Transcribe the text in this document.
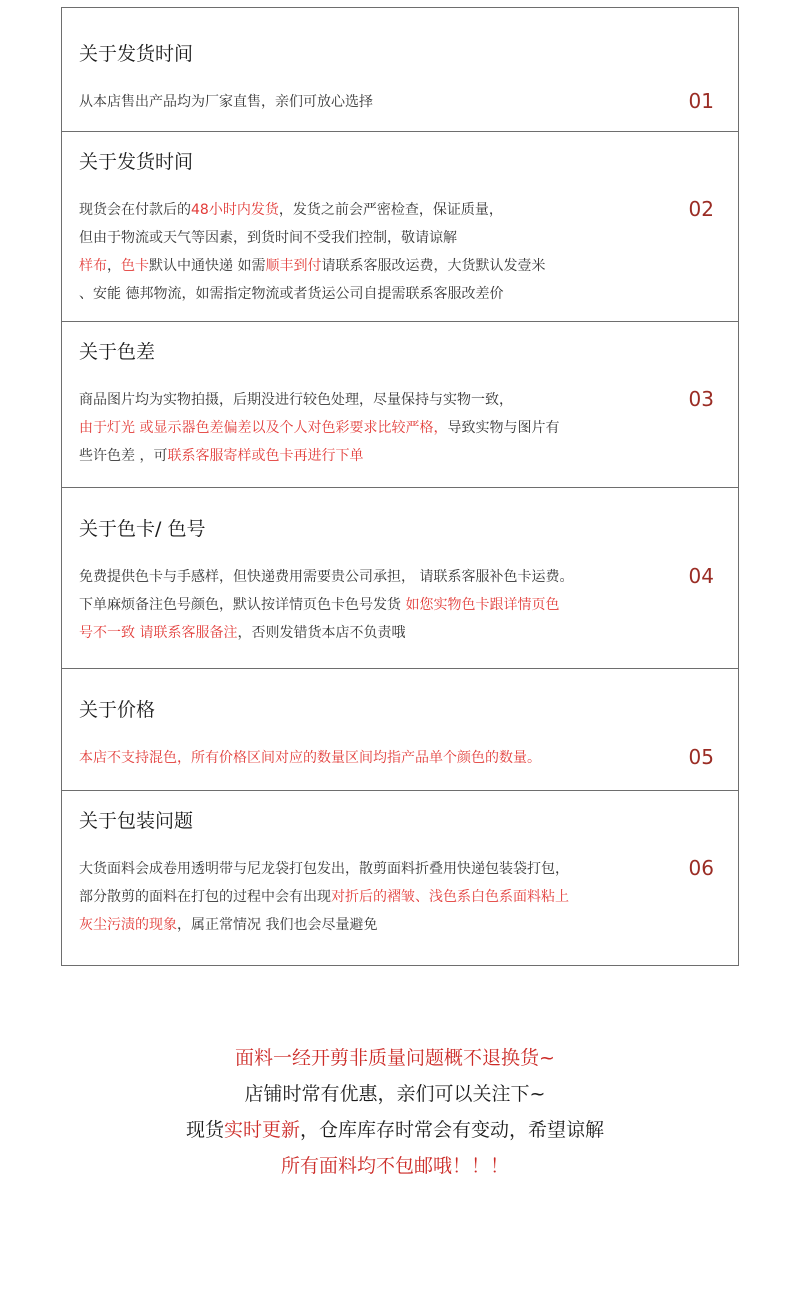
关于发货时间
从本店售出产品均为厂家直售，亲们可放心选择	01
关于发货时间
现货会在付款后的48小时内发货，发货之前会严密检查，保证质量，
但由于物流或天气等因素，到货时间不受我们控制，敬请谅解
样布，色卡默认中通快递 如需顺丰到付请联系客服改运费，大货默认发壹米
、安能 德邦物流，如需指定物流或者货运公司自提需联系客服改差价
02
关于色差
商品图片均为实物拍摄，后期没进行较色处理，尽量保持与实物一致，
由于灯光 或显示器色差偏差以及个人对色彩要求比较严格，导致实物与图片有
些许色差 ，可联系客服寄样或色卡再进行下单
03
关于色卡/ 色号
免费提供色卡与手感样，但快递费用需要贵公司承担， 请联系客服补色卡运费。
下单麻烦备注色号颜色，默认按详情页色卡色号发货 如您实物色卡跟详情页色
号不一致 请联系客服备注，否则发错货本店不负责哦
04
关于价格
本店不支持混色，所有价格区间对应的数量区间均指产品单个颜色的数量。	05
关于包装问题
大货面料会成卷用透明带与尼龙袋打包发出，散剪面料折叠用快递包装袋打包，
部分散剪的面料在打包的过程中会有出现对折后的褶皱、浅色系白色系面料粘上
灰尘污渍的现象，属正常情况 我们也会尽量避免
06
面料一经开剪非质量问题概不退换货~
店铺时常有优惠，亲们可以关注下~
现货实时更新，仓库库存时常会有变动，希望谅解
所有面料均不包邮哦！！！
